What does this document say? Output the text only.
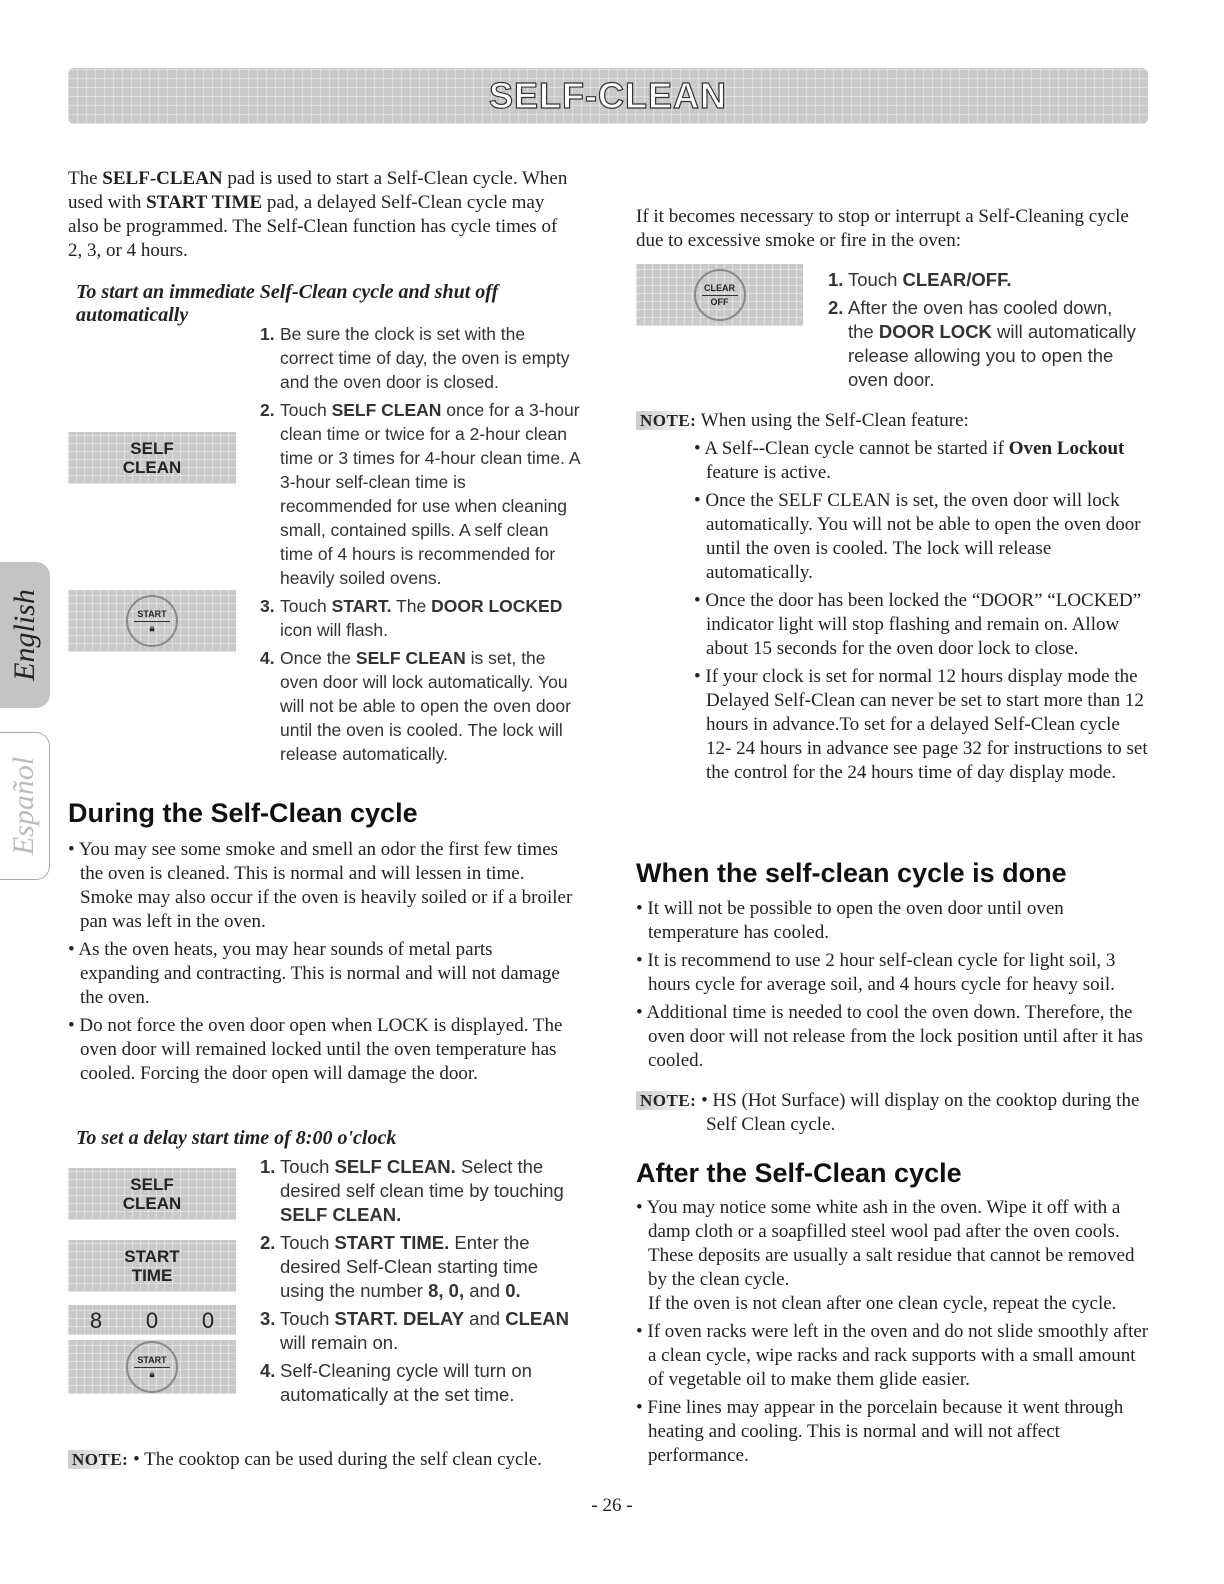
SELF-CLEAN
English
Español

The SELF-CLEAN pad is used to start a Self-Clean cycle. When used with START TIME pad, a delayed Self-Clean cycle may also be programmed. The Self-Clean function has cycle times of 2, 3, or 4 hours.

To start an immediate Self-Clean cycle and shut off automatically

SELF CLEAN
START
🔒︎
1. Be sure the clock is set with the correct time of day, the oven is empty and the oven door is closed.
2. Touch SELF CLEAN once for a 3-hour clean time or twice for a 2-hour clean time or 3 times for 4-hour clean time. A 3-hour self-clean time is recommended for use when cleaning small, contained spills. A self clean time of 4 hours is recommended for heavily soiled ovens.
3. Touch START. The DOOR LOCKED icon will flash.
4. Once the SELF CLEAN is set, the oven door will lock automatically. You will not be able to open the oven door until the oven is cooled. The lock will release automatically.
During the Self-Clean cycle
• You may see some smoke and smell an odor the first few times the oven is cleaned. This is normal and will lessen in time. Smoke may also occur if the oven is heavily soiled or if a broiler pan was left in the oven.
• As the oven heats, you may hear sounds of metal parts expanding and contracting. This is normal and will not damage the oven.
• Do not force the oven door open when LOCK is displayed. The oven door will remained locked until the oven temperature has cooled. Forcing the door open will damage the door.

To set a delay start time of 8:00 o'clock

SELF CLEAN
START TIME
8 0 0
START
🔒︎
1. Touch SELF CLEAN. Select the desired self clean time by touching SELF CLEAN.
2. Touch START TIME. Enter the desired Self-Clean starting time using the number 8, 0, and 0.
3. Touch START. DELAY and CLEAN will remain on.
4. Self-Cleaning cycle will turn on automatically at the set time.

NOTE: • The cooktop can be used during the self clean cycle.

If it becomes necessary to stop or interrupt a Self-Cleaning cycle due to excessive smoke or fire in the oven:

CLEAR
OFF
1. Touch CLEAR/OFF.
2. After the oven has cooled down, the DOOR LOCK will automatically release allowing you to open the oven door.

NOTE: When using the Self-Clean feature:

• A Self--Clean cycle cannot be started if Oven Lockout feature is active.
• Once the SELF CLEAN is set, the oven door will lock automatically. You will not be able to open the oven door until the oven is cooled. The lock will release automatically.
• Once the door has been locked the “DOOR” “LOCKED” indicator light will stop flashing and remain on. Allow about 15 seconds for the oven door lock to close.
• If your clock is set for normal 12 hours display mode the Delayed Self-Clean can never be set to start more than 12 hours in advance.To set for a delayed Self-Clean cycle 12- 24 hours in advance see page 32 for instructions to set the control for the 24 hours time of day display mode.
When the self-clean cycle is done
• It will not be possible to open the oven door until oven temperature has cooled.
• It is recommend to use 2 hour self-clean cycle for light soil, 3 hours cycle for average soil, and 4 hours cycle for heavy soil.
• Additional time is needed to cool the oven down. Therefore, the oven door will not release from the lock position until after it has cooled.

NOTE: • HS (Hot Surface) will display on the cooktop during the Self Clean cycle.

After the Self-Clean cycle
• You may notice some white ash in the oven. Wipe it off with a damp cloth or a soapfilled steel wool pad after the oven cools. These deposits are usually a salt residue that cannot be removed by the clean cycle.
If the oven is not clean after one clean cycle, repeat the cycle.
• If oven racks were left in the oven and do not slide smoothly after a clean cycle, wipe racks and rack supports with a small amount of vegetable oil to make them glide easier.
• Fine lines may appear in the porcelain because it went through heating and cooling. This is normal and will not affect performance.

- 26 -
